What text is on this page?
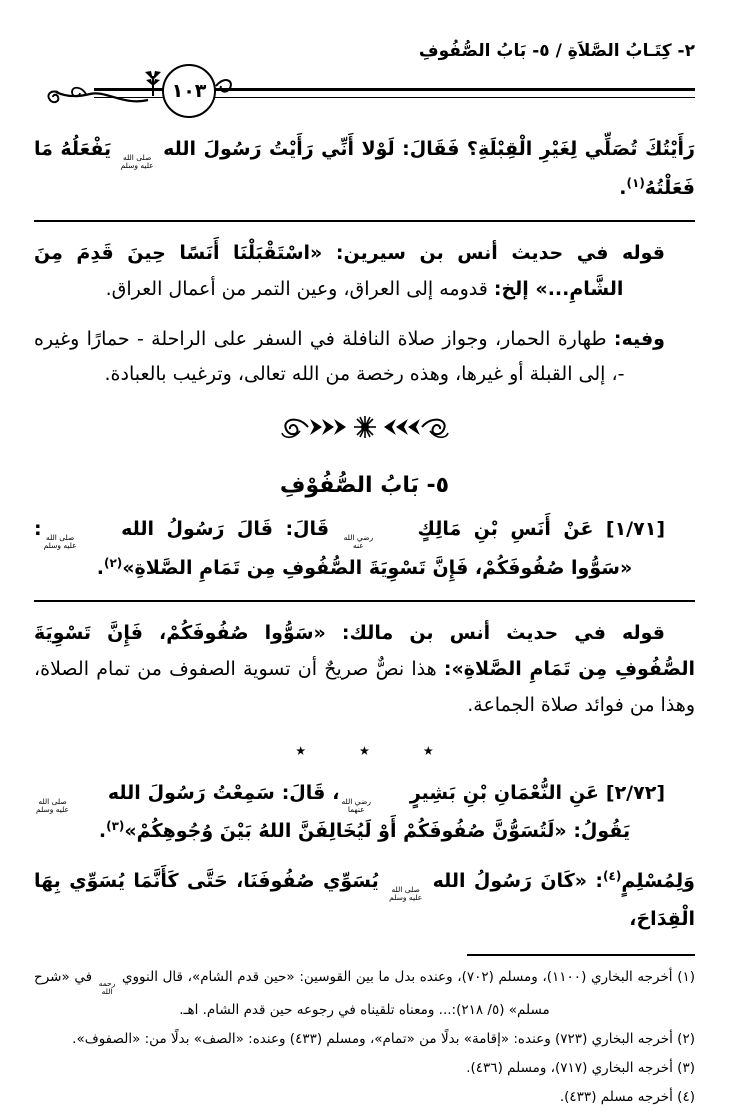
٢- كِتَـابُ الصَّلاَةِ / ٥- بَابُ الصُّفُوفِ
١٠٣

رَأَيْتُكَ تُصَلِّي لِغَيْرِ الْقِبْلَةِ؟ فَقَالَ: لَوْلا أَنِّي رَأَيْتُ رَسُولَ الله
صلى الله
عليه وسلم
يَفْعَلُهُ مَا فَعَلْتُهُ$^{(١)}$.

قوله في حديث أنس بن سيرين: «اسْتَقْبَلْنَا أَنَسًا حِينَ قَدِمَ مِنَ الشَّامِ...» إلخ: قدومه إلى العراق، وعين التمر من أعمال العراق.

وفيه: طهارة الحمار، وجواز صلاة النافلة في السفر على الراحلة - حمارًا وغيره -، إلى القبلة أو غيرها، وهذه رخصة من الله تعالى، وترغيب بالعبادة.

٥- بَابُ الصُّفُوْفِ

[١/٧١] عَنْ أَنَسِ بْنِ مَالِكٍ
رضي الله
عنه
قَالَ: قَالَ رَسُولُ الله
صلى الله
عليه وسلم
: «سَوُّوا صُفُوفَكُمْ، فَإِنَّ تَسْوِيَةَ الصُّفُوفِ مِن تَمَامِ الصَّلاةِ»$^{(٢)}$.

قوله في حديث أنس بن مالك: «سَوُّوا صُفُوفَكُمْ، فَإِنَّ تَسْوِيَةَ الصُّفُوفِ مِن تَمَامِ الصَّلاةِ»: هذا نصٌّ صريحٌ أن تسوية الصفوف من تمام الصلاة، وهذا من فوائد صلاة الجماعة.

٭ ٭ ٭

[٢/٧٢] عَنِ النُّعْمَانِ بْنِ بَشِيرٍ
رضي الله
عنهما
، قَالَ: سَمِعْتُ رَسُولَ الله
صلى الله
عليه وسلم
يَقُولُ: «لَتُسَوُّنَّ صُفُوفَكُمْ أَوْ لَيُخَالِفَنَّ اللهُ بَيْنَ وُجُوهِكُمْ»$^{(٣)}$.

وَلِمُسْلِمٍ$^{(٤)}$: «كَانَ رَسُولُ الله
صلى الله
عليه وسلم
يُسَوِّي صُفُوفَنَا، حَتَّى كَأَنَّمَا يُسَوِّي بِهَا الْقِدَاحَ،

(١) أخرجه البخاري (١١٠٠)، ومسلم (٧٠٢)، وعنده بدل ما بين القوسين: «حين قدم الشام»، قال النووي
رحمه
الله
في «شرح مسلم» (٥/ ٢١٨):... ومعناه تلقيناه في رجوعه حين قدم الشام. اهـ.

(٢) أخرجه البخاري (٧٢٣) وعنده: «إقامة» بدلًا من «تمام»، ومسلم (٤٣٣) وعنده: «الصف» بدلًا من: «الصفوف».

(٣) أخرجه البخاري (٧١٧)، ومسلم (٤٣٦).

(٤) أخرجه مسلم (٤٣٣).
